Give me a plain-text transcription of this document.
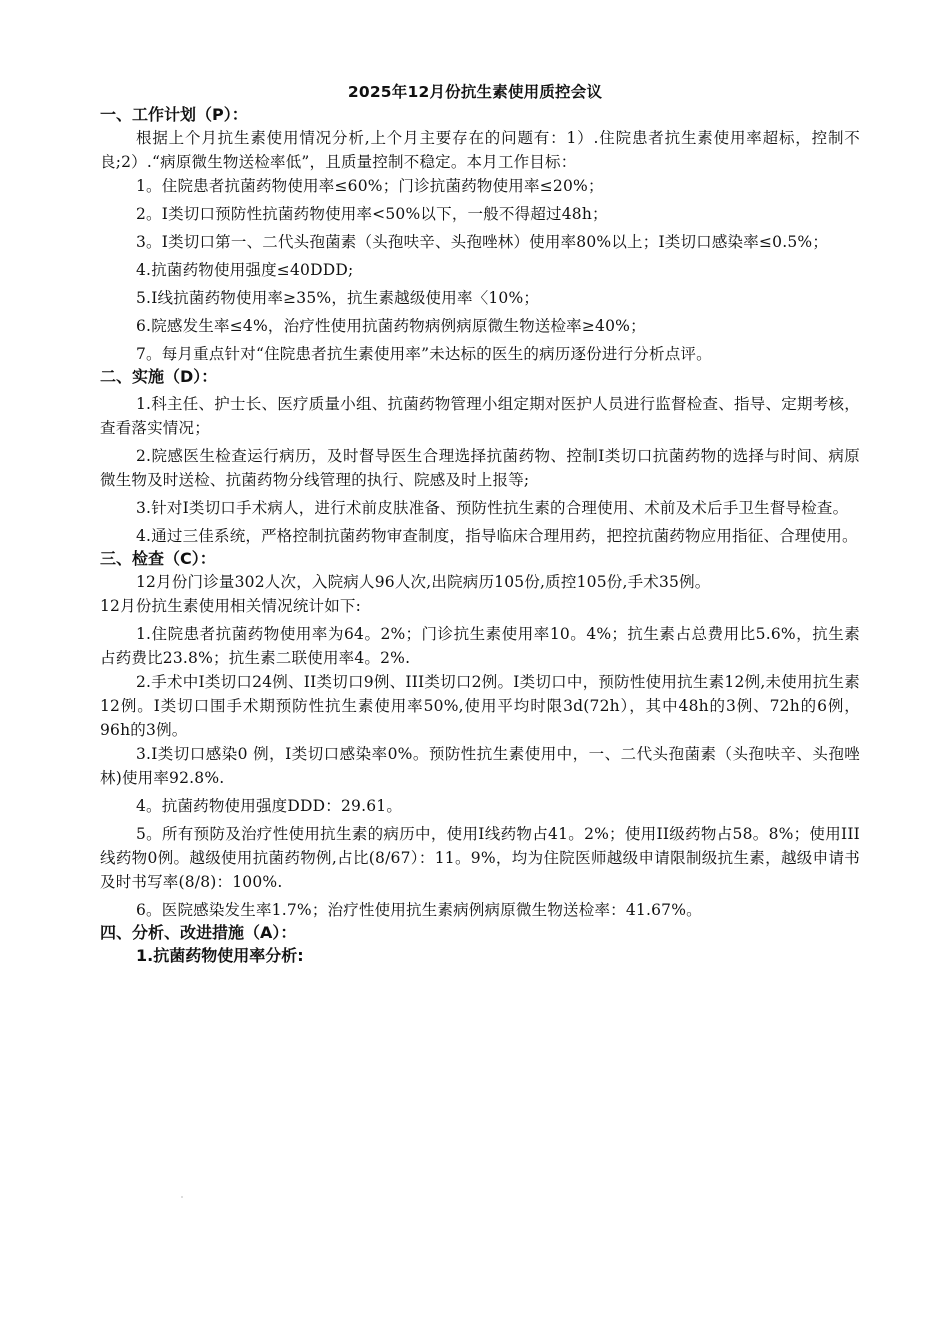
2025年12月份抗生素使用质控会议

一、工作计划（P）：

根据上个月抗生素使用情况分析,上个月主要存在的问题有：1）.住院患者抗生素使用率超标，控制不良;2）.“病原微生物送检率低”，且质量控制不稳定。本月工作目标：

1。住院患者抗菌药物使用率≤60%；门诊抗菌药物使用率≤20%；

2。I类切口预防性抗菌药物使用率<50%以下，一般不得超过48h；

3。I类切口第一、二代头孢菌素（头孢呋辛、头孢唑林）使用率80%以上；I类切口感染率≤0.5%；

4.抗菌药物使用强度≤40DDD;

5.I线抗菌药物使用率≥35%，抗生素越级使用率〈10%；

6.院感发生率≤4%，治疗性使用抗菌药物病例病原微生物送检率≥40%；

7。每月重点针对“住院患者抗生素使用率”未达标的医生的病历逐份进行分析点评。

二、实施（D）：

1.科主任、护士长、医疗质量小组、抗菌药物管理小组定期对医护人员进行监督检查、指导、定期考核，查看落实情况；

2.院感医生检查运行病历，及时督导医生合理选择抗菌药物、控制I类切口抗菌药物的选择与时间、病原微生物及时送检、抗菌药物分线管理的执行、院感及时上报等;

3.针对I类切口手术病人，进行术前皮肤准备、预防性抗生素的合理使用、术前及术后手卫生督导检查。

4.通过三佳系统，严格控制抗菌药物审查制度，指导临床合理用药，把控抗菌药物应用指征、合理使用。

三、检查（C）：

12月份门诊量302人次，入院病人96人次,出院病历105份,质控105份,手术35例。

12月份抗生素使用相关情况统计如下:

1.住院患者抗菌药物使用率为64。2%；门诊抗生素使用率10。4%；抗生素占总费用比5.6%，抗生素占药费比23.8%；抗生素二联使用率4。2%.

2.手术中I类切口24例、II类切口9例、III类切口2例。I类切口中，预防性使用抗生素12例,未使用抗生素12例。I类切口围手术期预防性抗生素使用率50%,使用平均时限3d(72h），其中48h的3例、72h的6例，96h的3例。

3.I类切口感染0 例，I类切口感染率0%。预防性抗生素使用中，一、二代头孢菌素（头孢呋辛、头孢唑林)使用率92.8%.

4。抗菌药物使用强度DDD：29.61。

5。所有预防及治疗性使用抗生素的病历中，使用I线药物占41。2%；使用II级药物占58。8%；使用III线药物0例。越级使用抗菌药物例,占比(8/67）：11。9%，均为住院医师越级申请限制级抗生素，越级申请书及时书写率(8/8)：100%.

6。医院感染发生率1.7%；治疗性使用抗生素病例病原微生物送检率：41.67%。

四、分析、改进措施（A）：

1.抗菌药物使用率分析:
